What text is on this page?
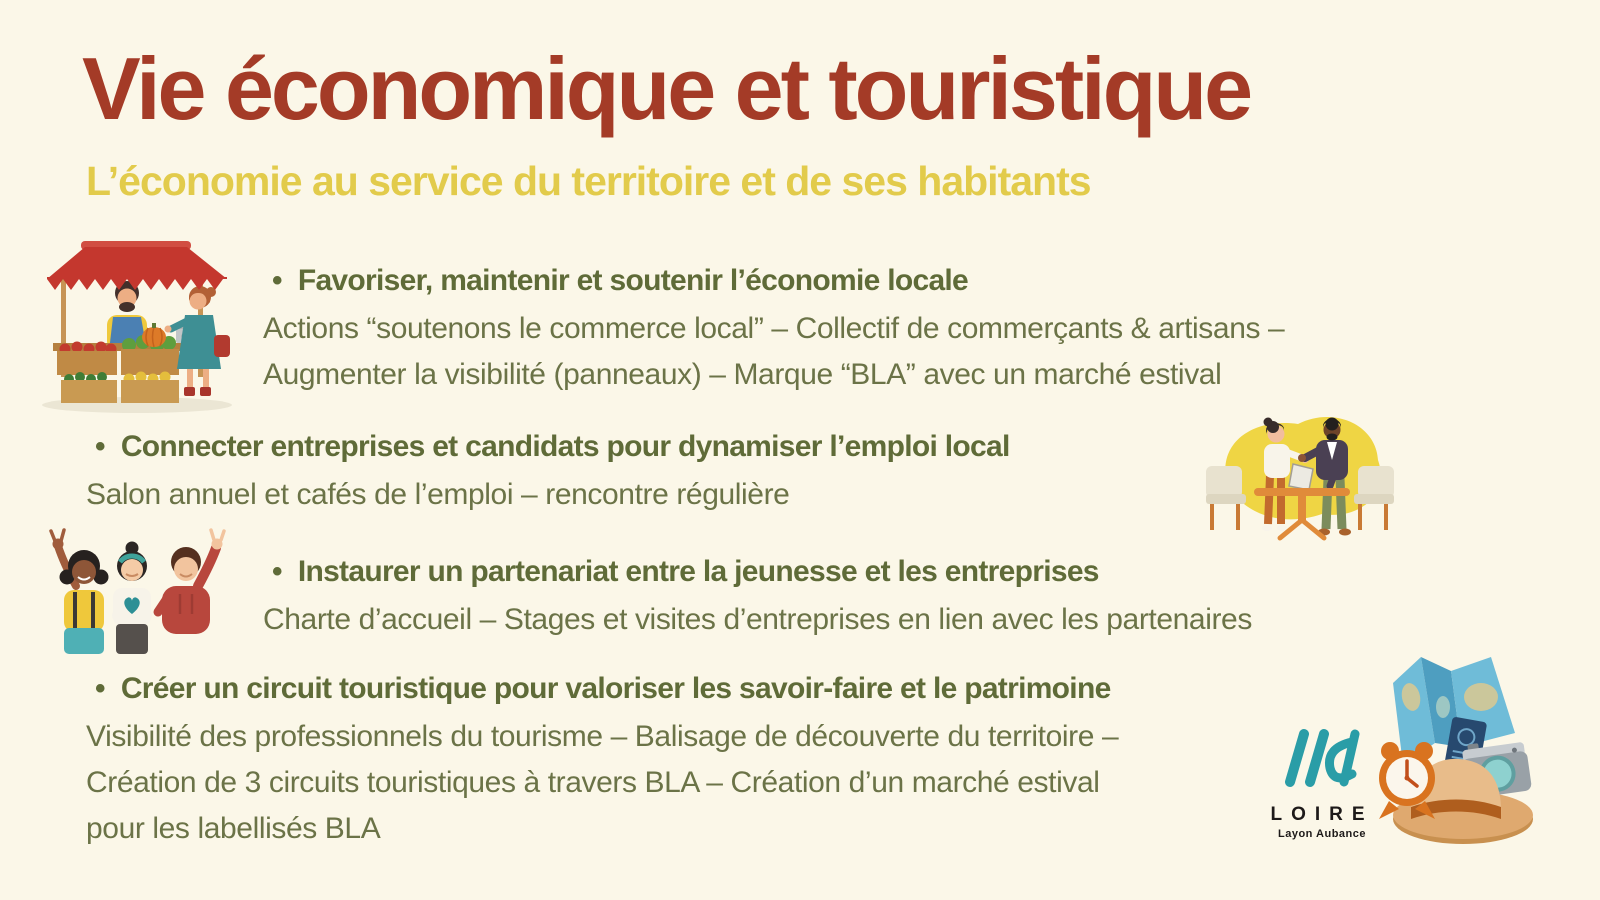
Vie économique et touristique
L’économie au service du territoire et de ses habitants
• Favoriser, maintenir et soutenir l’économie locale
Actions “soutenons le commerce local” – Collectif de commerçants & artisans –
Augmenter la visibilité (panneaux) – Marque “BLA” avec un marché estival
• Connecter entreprises et candidats pour dynamiser l’emploi local
Salon annuel et cafés de l’emploi – rencontre régulière
• Instaurer un partenariat entre la jeunesse et les entreprises
Charte d’accueil – Stages et visites d’entreprises en lien avec les partenaires
• Créer un circuit touristique pour valoriser les savoir-faire et le patrimoine
Visibilité des professionnels du tourisme – Balisage de découverte du territoire –
Création de 3 circuits touristiques à travers BLA – Création d’un marché estival
pour les labellisés BLA	LOIRE
Layon Aubance
